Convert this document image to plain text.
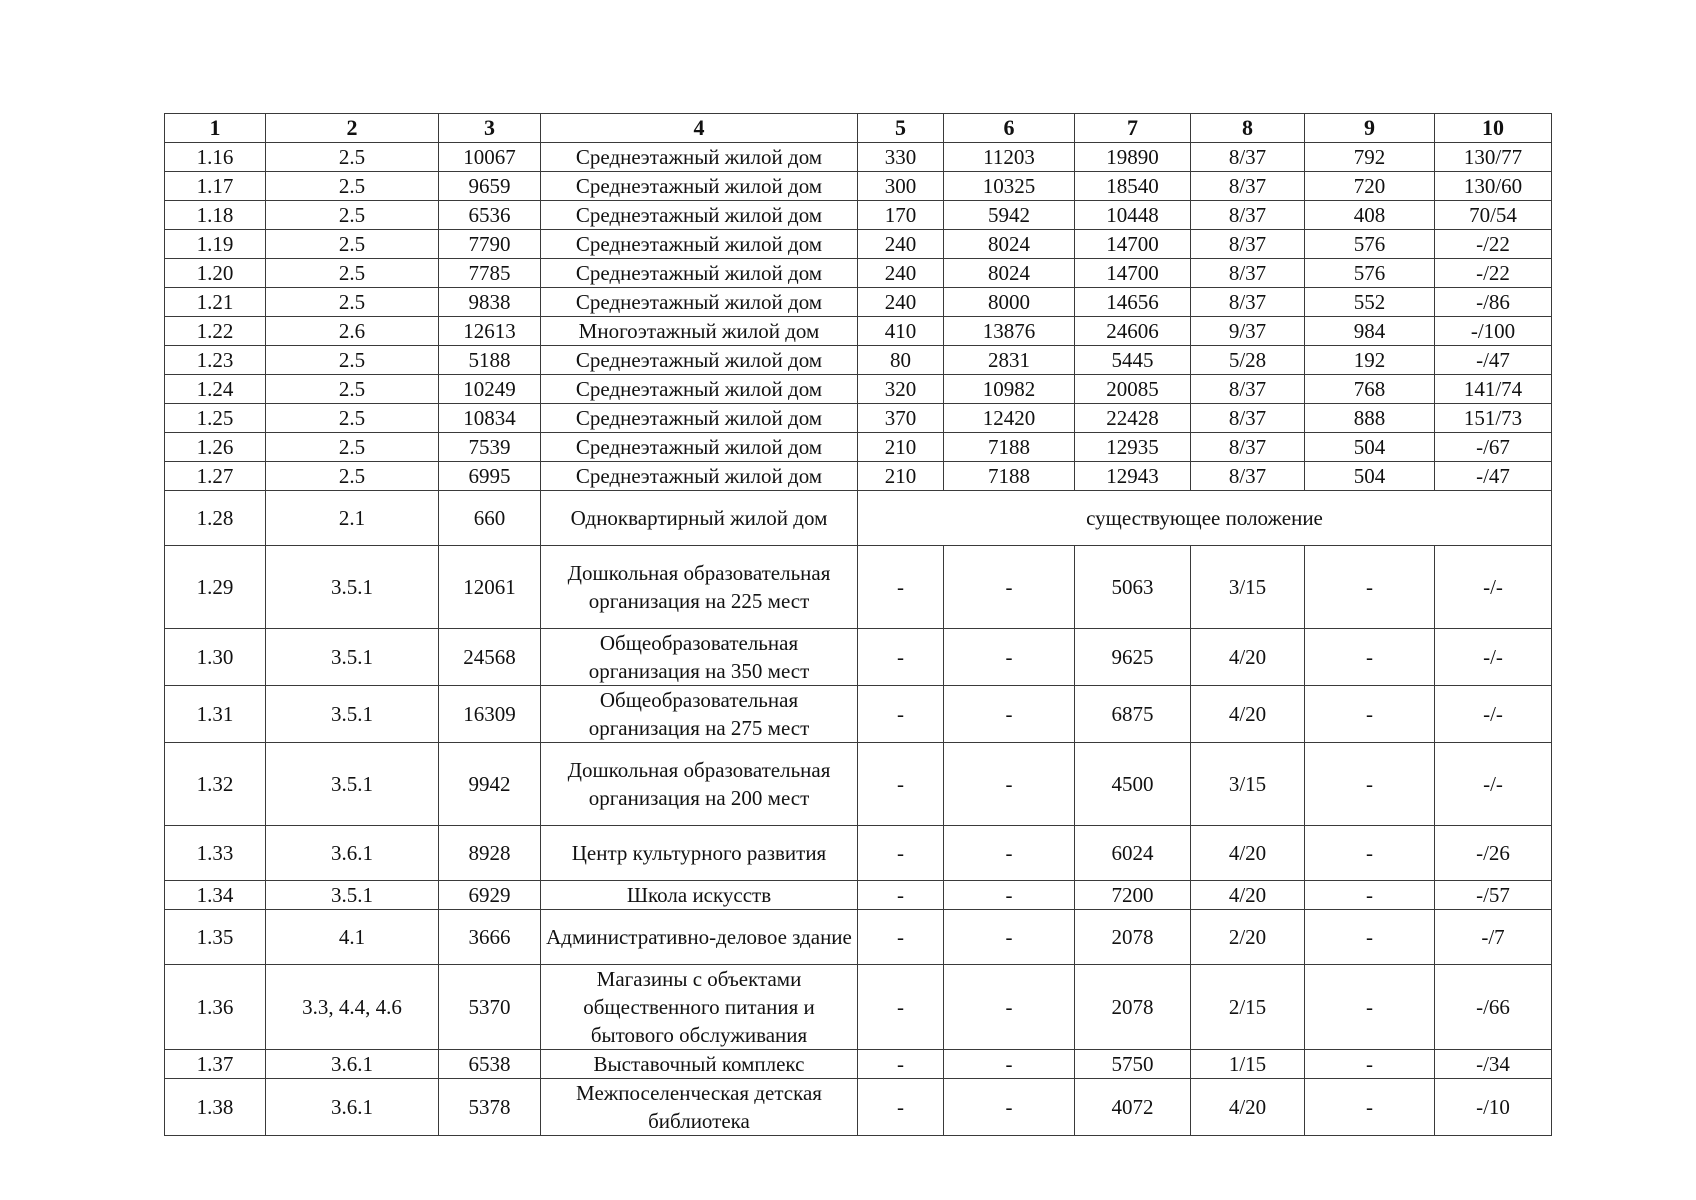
1	2	3	4	5	6	7	8	9	10
1.16	2.5	10067	Среднеэтажный жилой дом	330	11203	19890	8/37	792	130/77
1.17	2.5	9659	Среднеэтажный жилой дом	300	10325	18540	8/37	720	130/60
1.18	2.5	6536	Среднеэтажный жилой дом	170	5942	10448	8/37	408	70/54
1.19	2.5	7790	Среднеэтажный жилой дом	240	8024	14700	8/37	576	-/22
1.20	2.5	7785	Среднеэтажный жилой дом	240	8024	14700	8/37	576	-/22
1.21	2.5	9838	Среднеэтажный жилой дом	240	8000	14656	8/37	552	-/86
1.22	2.6	12613	Многоэтажный жилой дом	410	13876	24606	9/37	984	-/100
1.23	2.5	5188	Среднеэтажный жилой дом	80	2831	5445	5/28	192	-/47
1.24	2.5	10249	Среднеэтажный жилой дом	320	10982	20085	8/37	768	141/74
1.25	2.5	10834	Среднеэтажный жилой дом	370	12420	22428	8/37	888	151/73
1.26	2.5	7539	Среднеэтажный жилой дом	210	7188	12935	8/37	504	-/67
1.27	2.5	6995	Среднеэтажный жилой дом	210	7188	12943	8/37	504	-/47
1.28	2.1	660	Одноквартирный жилой дом	существующее положение					
1.29	3.5.1	12061	Дошкольная образовательная организация на 225 мест	-	-	5063	3/15	-	-/-
1.30	3.5.1	24568	Общеобразовательная организация на 350 мест	-	-	9625	4/20	-	-/-
1.31	3.5.1	16309	Общеобразовательная организация на 275 мест	-	-	6875	4/20	-	-/-
1.32	3.5.1	9942	Дошкольная образовательная организация на 200 мест	-	-	4500	3/15	-	-/-
1.33	3.6.1	8928	Центр культурного развития	-	-	6024	4/20	-	-/26
1.34	3.5.1	6929	Школа искусств	-	-	7200	4/20	-	-/57
1.35	4.1	3666	Административно-деловое здание	-	-	2078	2/20	-	-/7
1.36	3.3, 4.4, 4.6	5370	Магазины с объектами общественного питания и бытового обслуживания	-	-	2078	2/15	-	-/66
1.37	3.6.1	6538	Выставочный комплекс	-	-	5750	1/15	-	-/34
1.38	3.6.1	5378	Межпоселенческая детская библиотека	-	-	4072	4/20	-	-/10
